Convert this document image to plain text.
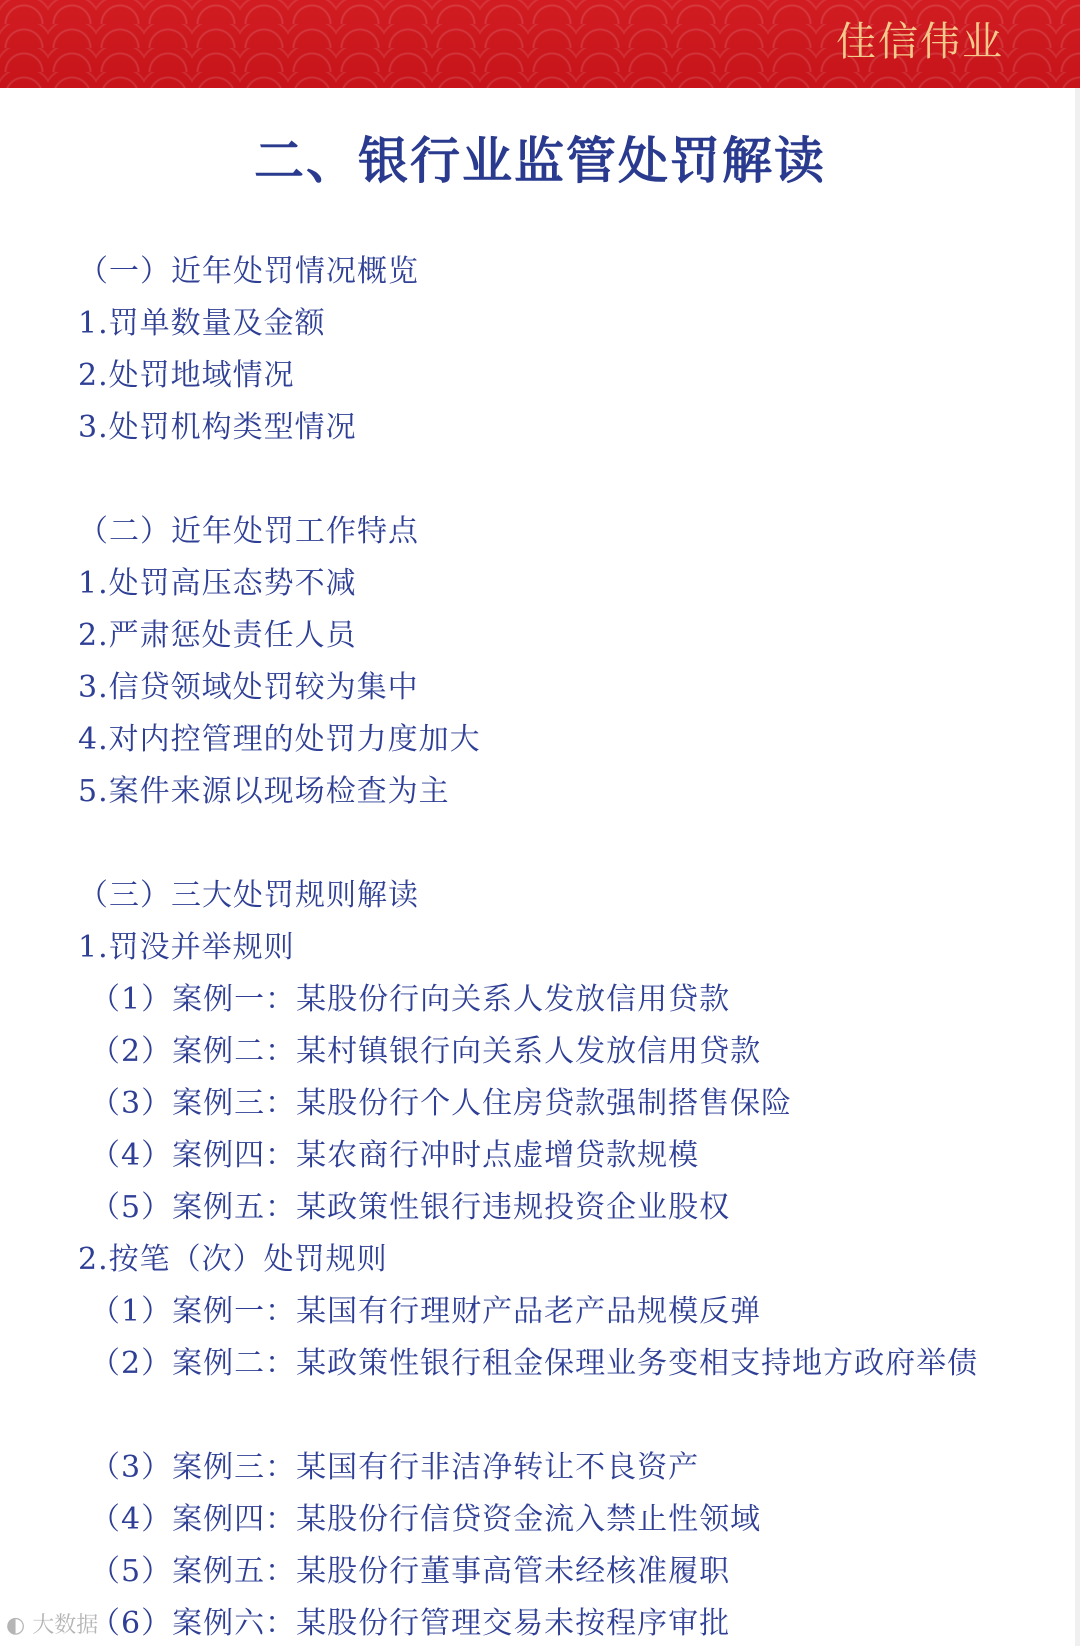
佳信伟业
二、银行业监管处罚解读
（一）近年处罚情况概览
1.罚单数量及金额
2.处罚地域情况
3.处罚机构类型情况
（二）近年处罚工作特点
1.处罚高压态势不减
2.严肃惩处责任人员
3.信贷领域处罚较为集中
4.对内控管理的处罚力度加大
5.案件来源以现场检查为主
（三）三大处罚规则解读
1.罚没并举规则
（1）案例一：某股份行向关系人发放信用贷款
（2）案例二：某村镇银行向关系人发放信用贷款
（3）案例三：某股份行个人住房贷款强制搭售保险
（4）案例四：某农商行冲时点虚增贷款规模
（5）案例五：某政策性银行违规投资企业股权
2.按笔（次）处罚规则
（1）案例一：某国有行理财产品老产品规模反弹
（2）案例二：某政策性银行租金保理业务变相支持地方政府举债
（3）案例三：某国有行非洁净转让不良资产
（4）案例四：某股份行信贷资金流入禁止性领域
（5）案例五：某股份行董事高管未经核准履职
（6）案例六：某股份行管理交易未按程序审批
◐ 大数据
